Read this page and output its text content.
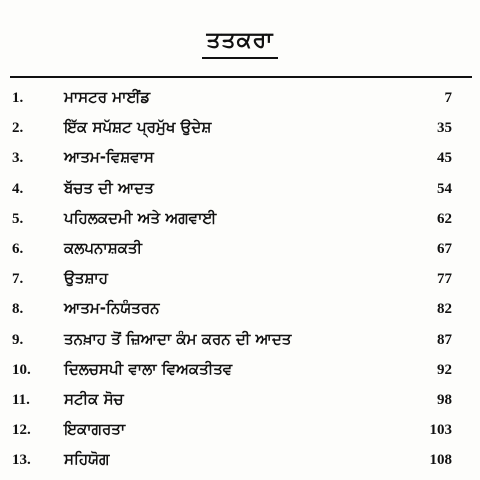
ਤਤਕਰਾ
1.	ਮਾਸਟਰ ਮਾਈਂਡ	7
2.	ਇੱਕ ਸਪੱਸ਼ਟ ਪ੍ਰਮੁੱਖ ਉਦੇਸ਼	35
3.	ਆਤਮ-ਵਿਸ਼ਵਾਸ	45
4.	ਬੱਚਤ ਦੀ ਆਦਤ	54
5.	ਪਹਿਲਕਦਮੀ ਅਤੇ ਅਗਵਾਈ	62
6.	ਕਲਪਨਾਸ਼ਕਤੀ	67
7.	ਉਤਸ਼ਾਹ	77
8.	ਆਤਮ-ਨਿਯੰਤਰਨ	82
9.	ਤਨਖ਼ਾਹ ਤੋਂ ਜ਼ਿਆਦਾ ਕੰਮ ਕਰਨ ਦੀ ਆਦਤ	87
10. ਦਿਲਚਸਪੀ ਵਾਲਾ ਵਿਅਕਤੀਤਵ	92
11. ਸਟੀਕ ਸੋਚ	98
12. ਇਕਾਗਰਤਾ	103
13. ਸਹਿਯੋਗ	108
